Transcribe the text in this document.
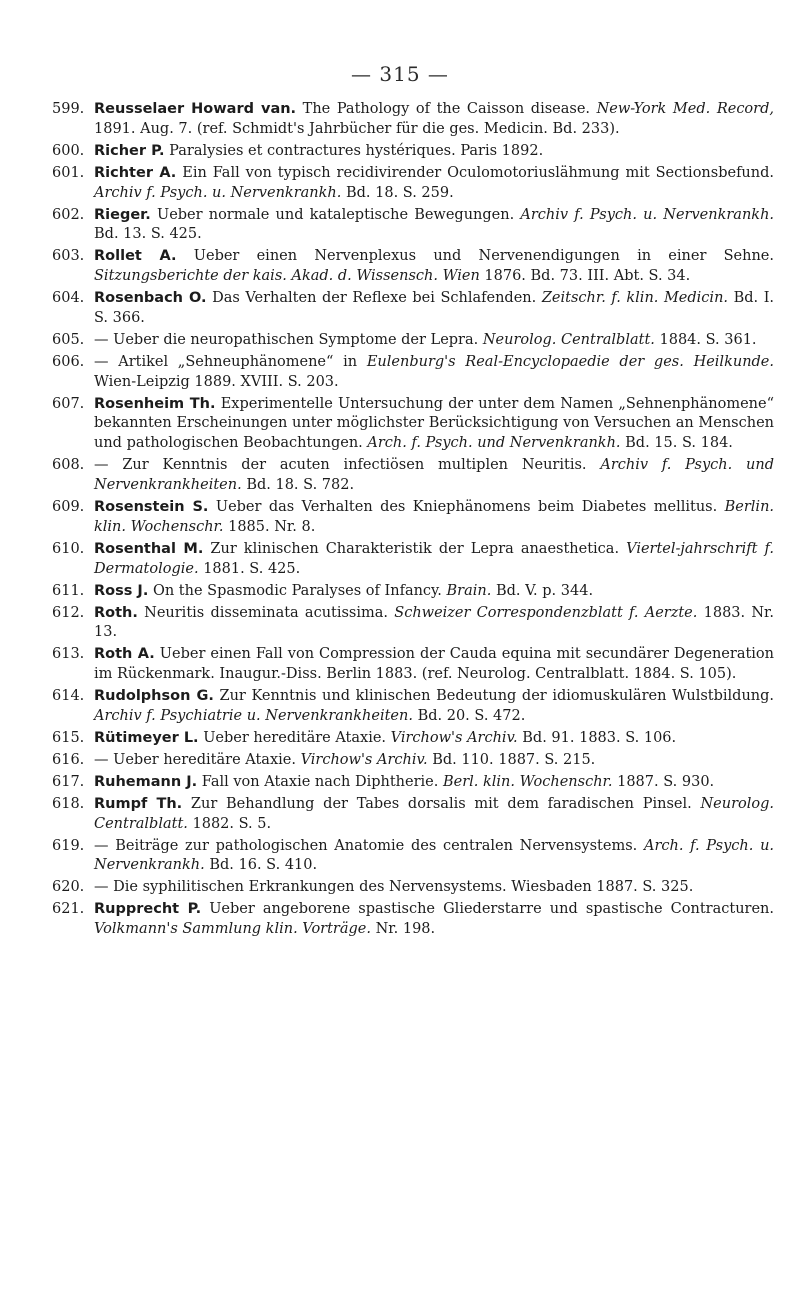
— 315 —
599. Reusselaer Howard van. The Pathology of the Caisson disease. New-York Med. Record, 1891. Aug. 7. (ref. Schmidt's Jahrbücher für die ges. Medicin. Bd. 233).
600. Richer P. Paralysies et contractures hystériques. Paris 1892.
601. Richter A. Ein Fall von typisch recidivirender Oculomotoriuslähmung mit Sectionsbefund. Archiv f. Psych. u. Nervenkrankh. Bd. 18. S. 259.
602. Rieger. Ueber normale und kataleptische Bewegungen. Archiv f. Psych. u. Nervenkrankh. Bd. 13. S. 425.
603. Rollet A. Ueber einen Nervenplexus und Nervenendigungen in einer Sehne. Sitzungsberichte der kais. Akad. d. Wissensch. Wien 1876. Bd. 73. III. Abt. S. 34.
604. Rosenbach O. Das Verhalten der Reflexe bei Schlafenden. Zeitschr. f. klin. Medicin. Bd. I. S. 366.
605. — Ueber die neuropathischen Symptome der Lepra. Neurolog. Centralblatt. 1884. S. 361.
606. — Artikel „Sehneuphänomene“ in Eulenburg's Real-Encyclopaedie der ges. Heilkunde. Wien-Leipzig 1889. XVIII. S. 203.
607. Rosenheim Th. Experimentelle Untersuchung der unter dem Namen „Sehnenphänomene“ bekannten Erscheinungen unter möglichster Berücksichtigung von Versuchen an Menschen und pathologischen Beobachtungen. Arch. f. Psych. und Nervenkrankh. Bd. 15. S. 184.
608. — Zur Kenntnis der acuten infectiösen multiplen Neuritis. Archiv f. Psych. und Nervenkrankheiten. Bd. 18. S. 782.
609. Rosenstein S. Ueber das Verhalten des Kniephänomens beim Diabetes mellitus. Berlin. klin. Wochenschr. 1885. Nr. 8.
610. Rosenthal M. Zur klinischen Charakteristik der Lepra anaesthetica. Viertel-jahrschrift f. Dermatologie. 1881. S. 425.
611. Ross J. On the Spasmodic Paralyses of Infancy. Brain. Bd. V. p. 344.
612. Roth. Neuritis disseminata acutissima. Schweizer Correspondenzblatt f. Aerzte. 1883. Nr. 13.
613. Roth A. Ueber einen Fall von Compression der Cauda equina mit secundärer Degeneration im Rückenmark. Inaugur.-Diss. Berlin 1883. (ref. Neurolog. Centralblatt. 1884. S. 105).
614. Rudolphson G. Zur Kenntnis und klinischen Bedeutung der idiomuskulären Wulstbildung. Archiv f. Psychiatrie u. Nervenkrankheiten. Bd. 20. S. 472.
615. Rütimeyer L. Ueber hereditäre Ataxie. Virchow's Archiv. Bd. 91. 1883. S. 106.
616. — Ueber hereditäre Ataxie. Virchow's Archiv. Bd. 110. 1887. S. 215.
617. Ruhemann J. Fall von Ataxie nach Diphtherie. Berl. klin. Wochenschr. 1887. S. 930.
618. Rumpf Th. Zur Behandlung der Tabes dorsalis mit dem faradischen Pinsel. Neurolog. Centralblatt. 1882. S. 5.
619. — Beiträge zur pathologischen Anatomie des centralen Nervensystems. Arch. f. Psych. u. Nervenkrankh. Bd. 16. S. 410.
620. — Die syphilitischen Erkrankungen des Nervensystems. Wiesbaden 1887. S. 325.
621. Rupprecht P. Ueber angeborene spastische Gliederstarre und spastische Contracturen. Volkmann's Sammlung klin. Vorträge. Nr. 198.
